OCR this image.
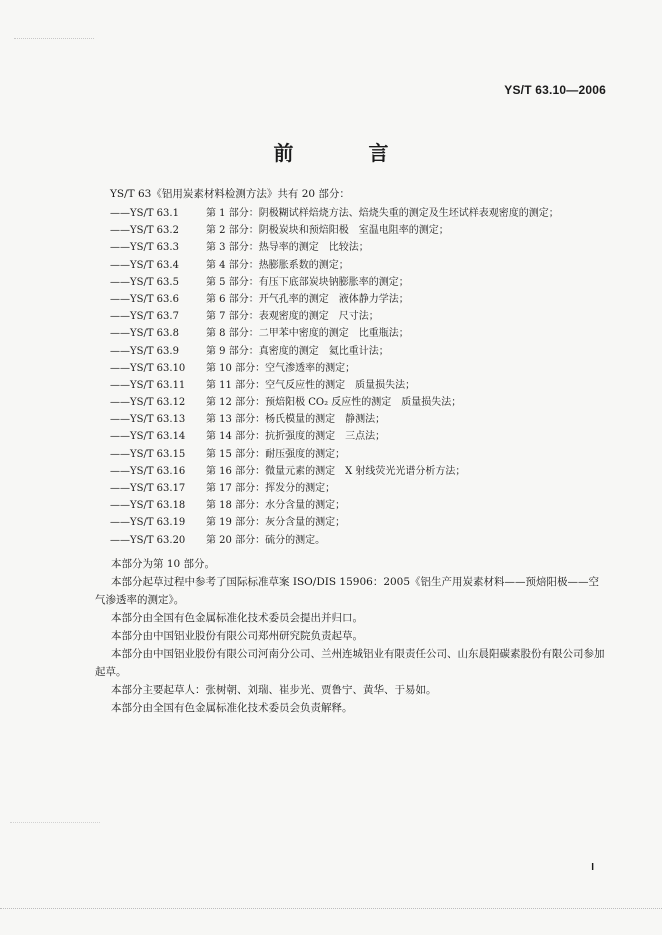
YS/T 63.10—2006
前 言
YS/T 63《铝用炭素材料检测方法》共有 20 部分：
——YS/T 63.1	第 1 部分：阴极糊试样焙烧方法、焙烧失重的测定及生坯试样表观密度的测定；
——YS/T 63.2	第 2 部分：阴极炭块和预焙阳极　室温电阻率的测定；
——YS/T 63.3	第 3 部分：热导率的测定　比较法；
——YS/T 63.4	第 4 部分：热膨胀系数的测定；
——YS/T 63.5	第 5 部分：有压下底部炭块钠膨胀率的测定；
——YS/T 63.6	第 6 部分：开气孔率的测定　液体静力学法；
——YS/T 63.7	第 7 部分：表观密度的测定　尺寸法；
——YS/T 63.8	第 8 部分：二甲苯中密度的测定　比重瓶法；
——YS/T 63.9	第 9 部分：真密度的测定　氦比重计法；
——YS/T 63.10	第 10 部分：空气渗透率的测定；
——YS/T 63.11	第 11 部分：空气反应性的测定　质量损失法；
——YS/T 63.12	第 12 部分：预焙阳极 CO₂ 反应性的测定　质量损失法；
——YS/T 63.13	第 13 部分：杨氏模量的测定　静测法；
——YS/T 63.14	第 14 部分：抗折强度的测定　三点法；
——YS/T 63.15	第 15 部分：耐压强度的测定；
——YS/T 63.16	第 16 部分：微量元素的测定　X 射线荧光光谱分析方法；
——YS/T 63.17	第 17 部分：挥发分的测定；
——YS/T 63.18	第 18 部分：水分含量的测定；
——YS/T 63.19	第 19 部分：灰分含量的测定；
——YS/T 63.20	第 20 部分：硫分的测定。

本部分为第 10 部分。

本部分起草过程中参考了国际标准草案 ISO/DIS 15906：2005《铝生产用炭素材料——预焙阳极——空气渗透率的测定》。

本部分由全国有色金属标准化技术委员会提出并归口。

本部分由中国铝业股份有限公司郑州研究院负责起草。

本部分由中国铝业股份有限公司河南分公司、兰州连城铝业有限责任公司、山东晨阳碳素股份有限公司参加起草。

本部分主要起草人：张树朝、刘瑞、崔步光、贾鲁宁、黄华、于易如。

本部分由全国有色金属标准化技术委员会负责解释。

I
